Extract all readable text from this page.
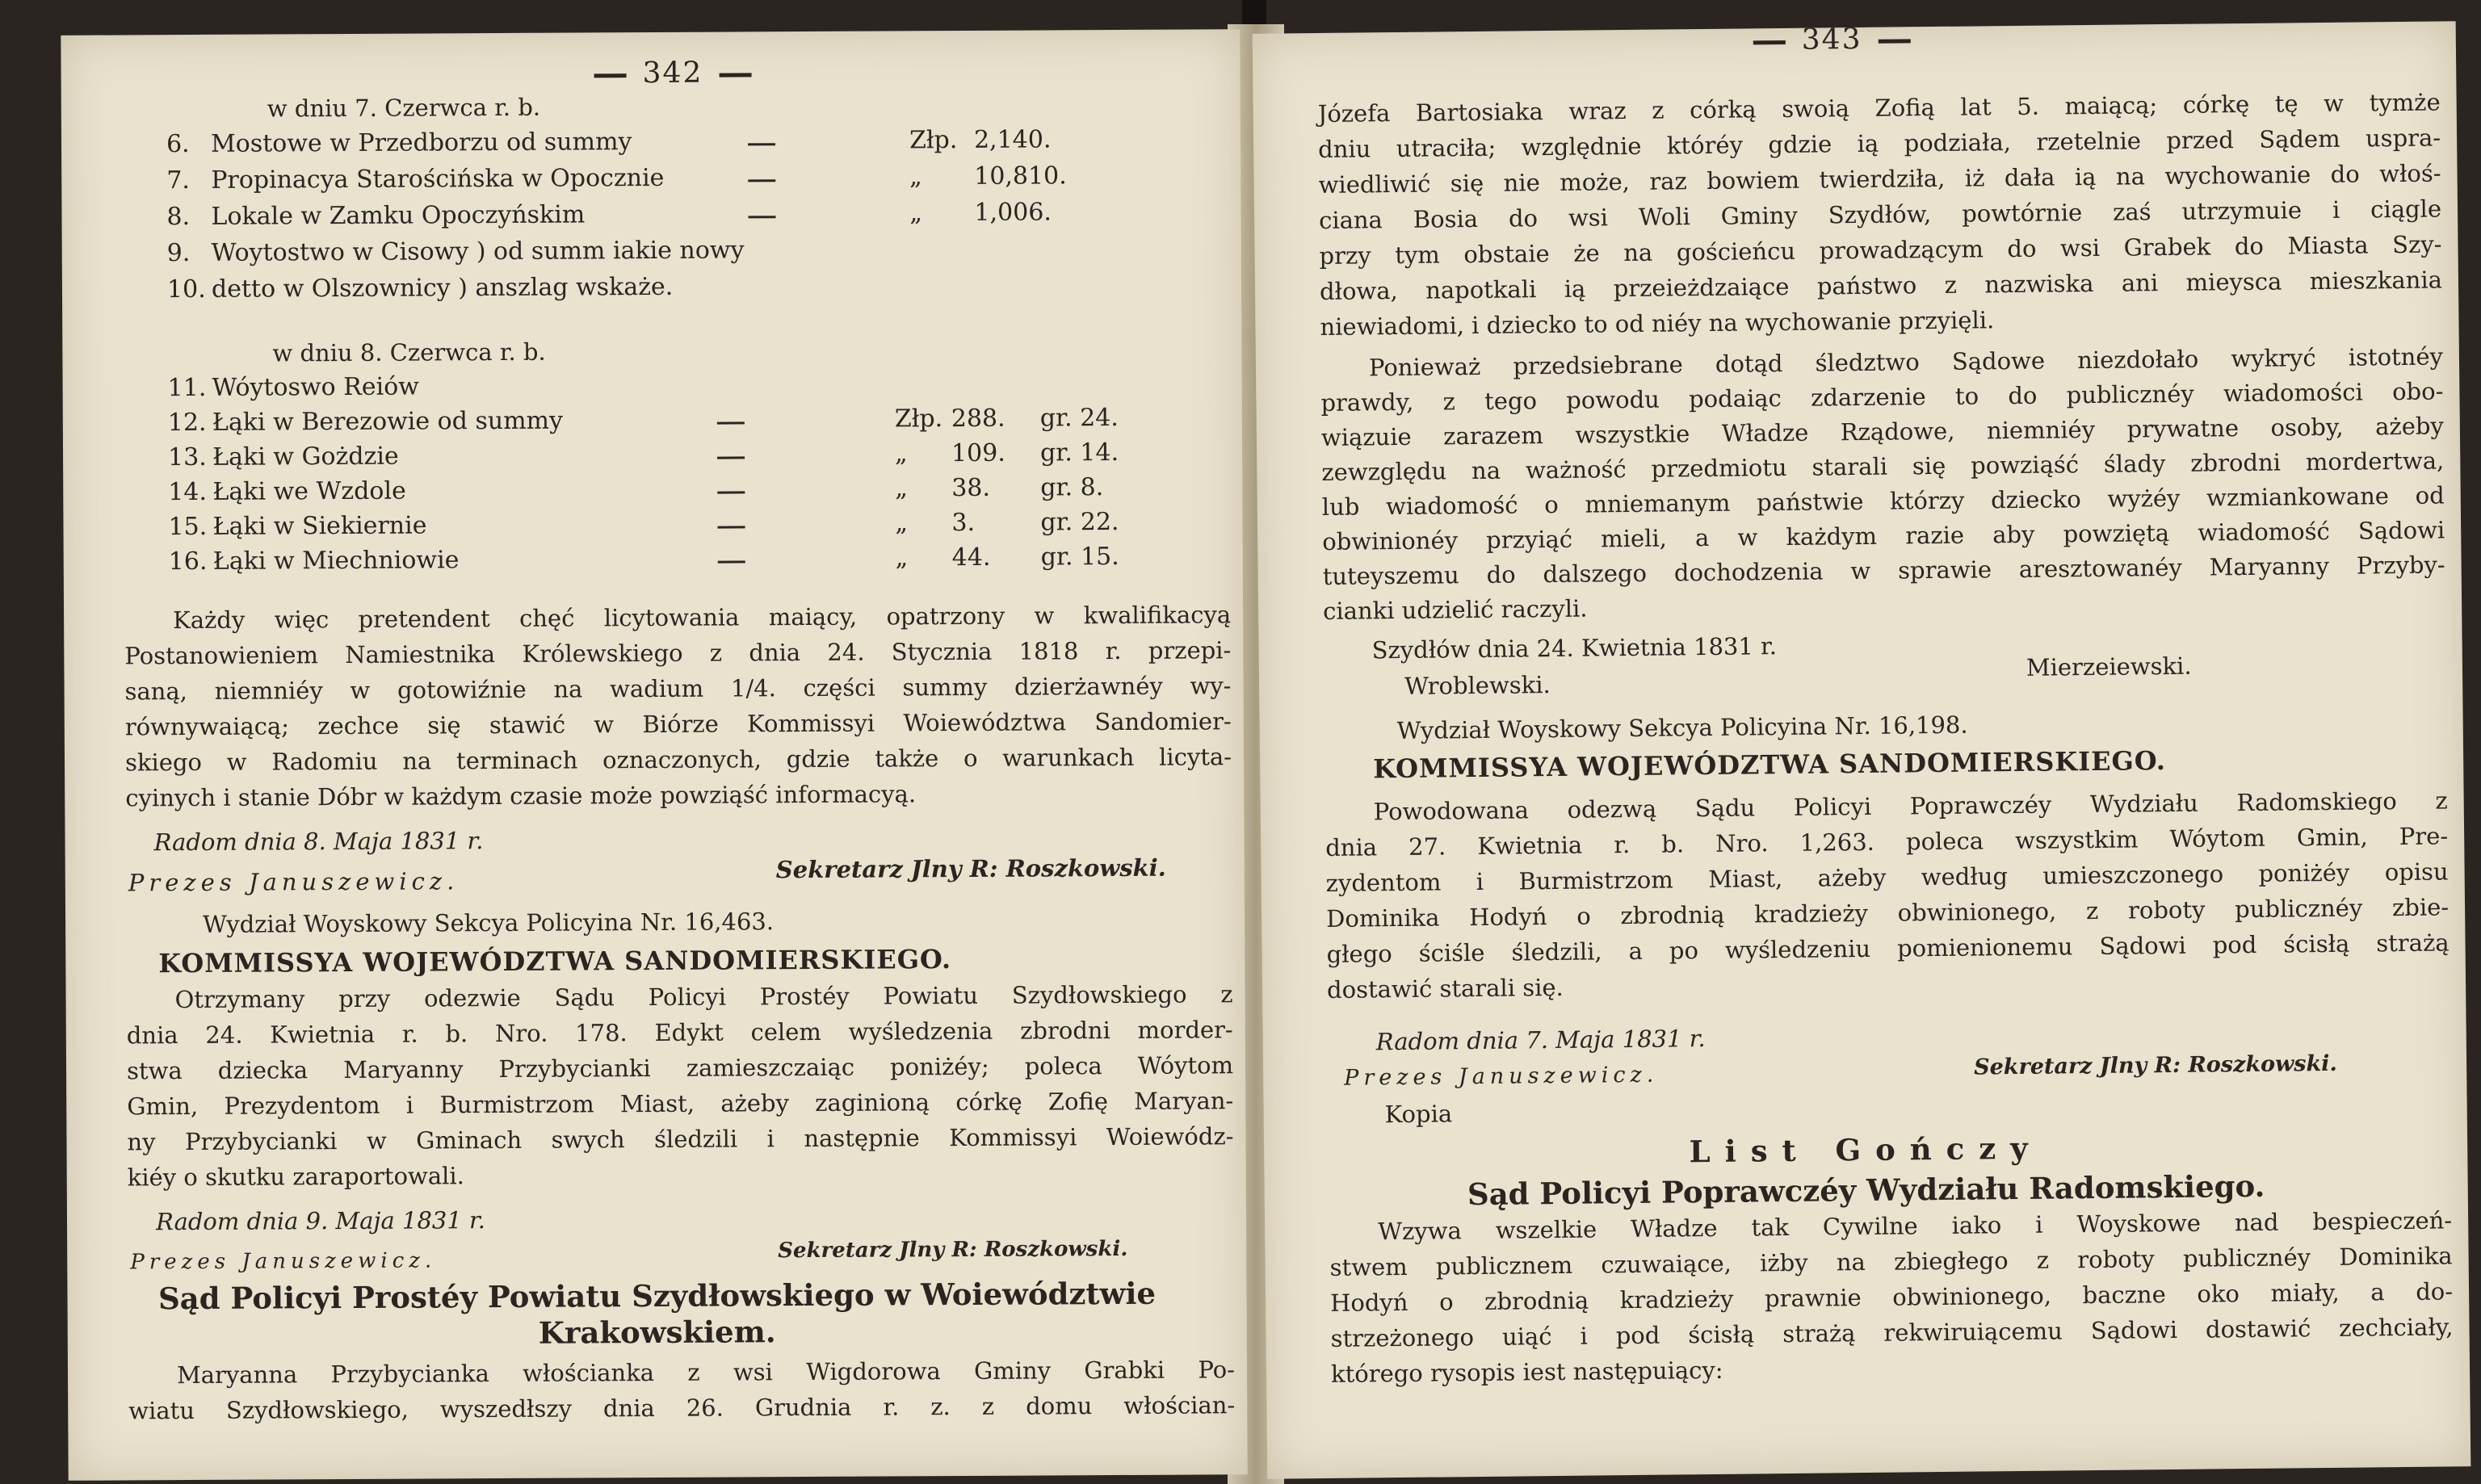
342
w dniu 7. Czerwca r. b.
6. Mostowe w Przedborzu od summy	Złp. 2,140.
7. Propinacya Starościńska w Opocznie	„ 10,810.
8. Lokale w Zamku Opoczyńskim	„ 1,006.
9. Woytostwo w Cisowy ) od summ iakie nowy
10. detto w Olszownicy ) anszlag wskaże.
w dniu 8. Czerwca r. b.
11. Wóytoswo Reiów
12. Łąki w Berezowie od summy	Złp. 288. gr. 24.
13. Łąki w Gożdzie	„ 109. gr. 14.
14. Łąki we Wzdole	„ 38. gr. 8.
15. Łąki w Siekiernie	„ 3.	gr. 22.
16. Łąki w Miechniowie	„ 44. gr. 15.
Każdy więc pretendent chęć licytowania maiący, opatrzony w kwalifikacyą
Postanowieniem Namiestnika Królewskiego z dnia 24. Stycznia 1818 r. przepi-
saną, niemniéy w gotowiźnie na wadium 1/4. części summy dzierżawnéy wy-
równywaiącą; zechce się stawić w Biórze Kommissyi Woiewództwa Sandomier-
skiego w Radomiu na terminach oznaczonych, gdzie także o warunkach licyta-
cyinych i stanie Dóbr w każdym czasie może powziąść informacyą.
Radom dnia 8. Maja 1831 r.
Prezes Januszewicz.	Sekretarz Jlny R: Roszkowski.
Wydział Woyskowy Sekcya Policyina Nr. 16,463.
KOMMISSYA WOJEWÓDZTWA SANDOMIERSKIEGO.
Otrzymany przy odezwie Sądu Policyi Prostéy Powiatu Szydłowskiego z
dnia 24. Kwietnia r. b. Nro. 178. Edykt celem wyśledzenia zbrodni morder-
stwa dziecka Maryanny Przybycianki zamieszczaiąc poniżéy; poleca Wóytom
Gmin, Prezydentom i Burmistrzom Miast, ażeby zaginioną córkę Zofię Maryan-
ny Przybycianki w Gminach swych śledzili i następnie Kommissyi Woiewódz-
kiéy o skutku zaraportowali.
Radom dnia 9. Maja 1831 r.
Prezes Januszewicz.	Sekretarz Jlny R: Roszkowski.
Sąd Policyi Prostéy Powiatu Szydłowskiego w Woiewództwie
Krakowskiem.
Maryanna Przybycianka włościanka z wsi Wigdorowa Gminy Grabki Po-
wiatu Szydłowskiego, wyszedłszy dnia 26. Grudnia r. z. z domu włościan-
343
Józefa Bartosiaka wraz z córką swoią Zofią lat 5. maiącą; córkę tę w tymże
dniu utraciła; względnie któréy gdzie ią podziała, rzetelnie przed Sądem uspra-
wiedliwić się nie może, raz bowiem twierdziła, iż dała ią na wychowanie do włoś-
ciana Bosia do wsi Woli Gminy Szydłów, powtórnie zaś utrzymuie i ciągle
przy tym obstaie że na gościeńcu prowadzącym do wsi Grabek do Miasta Szy-
dłowa, napotkali ią przeieżdzaiące państwo z nazwiska ani mieysca mieszkania
niewiadomi, i dziecko to od niéy na wychowanie przyięli.
Ponieważ przedsiebrane dotąd śledztwo Sądowe niezdołało wykryć istotnéy
prawdy, z tego powodu podaiąc zdarzenie to do publicznéy wiadomości obo-
wiązuie zarazem wszystkie Władze Rządowe, niemniéy prywatne osoby, ażeby
zewzględu na ważność przedmiotu starali się powziąść ślady zbrodni mordertwa,
lub wiadomość o mniemanym państwie którzy dziecko wyżéy wzmiankowane od
obwinionéy przyiąć mieli, a w każdym razie aby powziętą wiadomość Sądowi
tuteyszemu do dalszego dochodzenia w sprawie aresztowanéy Maryanny Przyby-
cianki udzielić raczyli.
Szydłów dnia 24. Kwietnia 1831 r.
Mierzeiewski.
Wroblewski.
Wydział Woyskowy Sekcya Policyina Nr. 16,198.
KOMMISSYA WOJEWÓDZTWA SANDOMIERSKIEGO.
Powodowana odezwą Sądu Policyi Poprawczéy Wydziału Radomskiego z
dnia 27. Kwietnia r. b. Nro. 1,263. poleca wszystkim Wóytom Gmin, Pre-
zydentom i Burmistrzom Miast, ażeby według umieszczonego poniżéy opisu
Dominika Hodyń o zbrodnią kradzieży obwinionego, z roboty publicznéy zbie-
głego ściśle śledzili, a po wyśledzeniu pomienionemu Sądowi pod ścisłą strażą
dostawić starali się.
Radom dnia 7. Maja 1831 r.
Prezes Januszewicz.	Sekretarz Jlny R: Roszkowski.
Kopia
List Gończy
Sąd Policyi Poprawczéy Wydziału Radomskiego.
Wzywa wszelkie Władze tak Cywilne iako i Woyskowe nad bespieczeń-
stwem publicznem czuwaiące, iżby na zbiegłego z roboty publicznéy Dominika
Hodyń o zbrodnią kradzieży prawnie obwinionego, baczne oko miały, a do-
strzeżonego uiąć i pod ścisłą strażą rekwiruiącemu Sądowi dostawić zechciały,
którego rysopis iest następuiący:
